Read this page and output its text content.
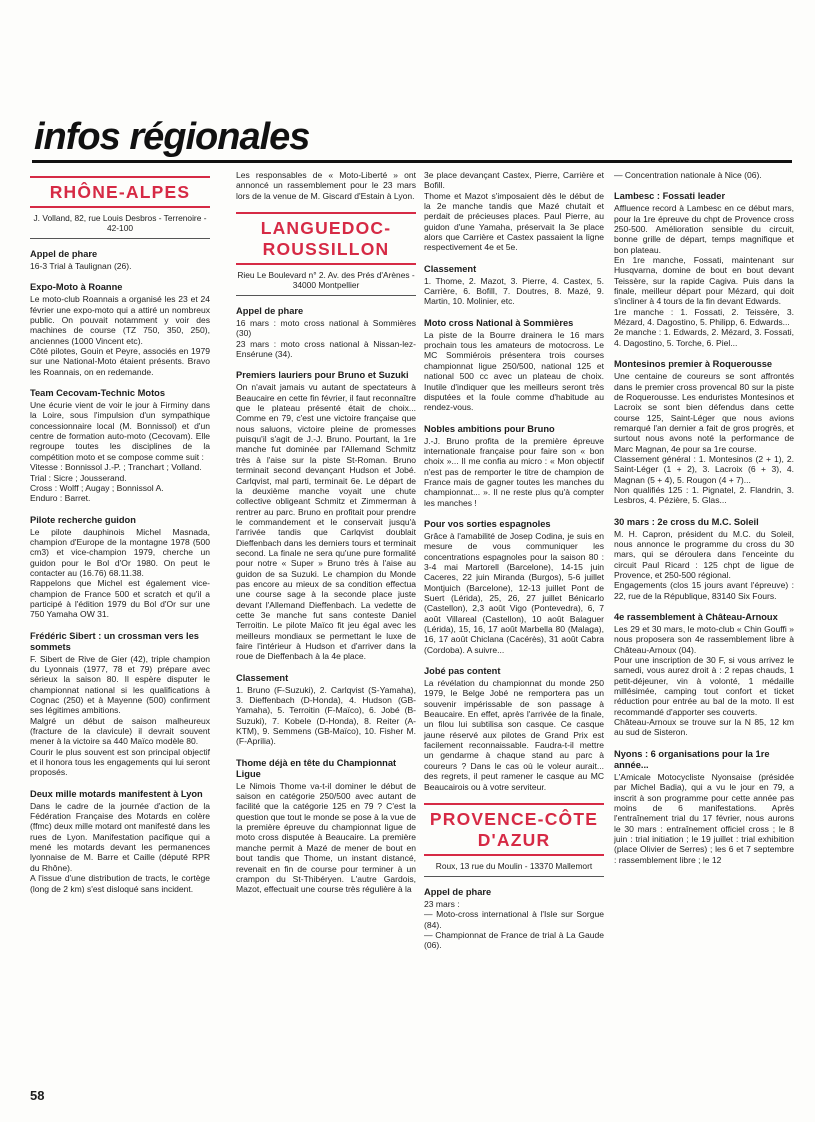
infos régionales
RHÔNE-ALPES
J. Volland, 82, rue Louis Desbros - Terrenoire - 42-100
Appel de phare

16-3 Trial à Taulignan (26).

Expo-Moto à Roanne

Le moto-club Roannais a organisé les 23 et 24 février une expo-moto qui a attiré un nombreux public. On pouvait notamment y voir des machines de course (TZ 750, 350, 250), anciennes (1000 Vincent etc).

Côté pilotes, Gouin et Peyre, associés en 1979 sur une National-Moto étaient présents. Bravo les Roannais, on en redemande.

Team Cecovam-Technic Motos

Une écurie vient de voir le jour à Firminy dans la Loire, sous l'impulsion d'un sympathique concessionnaire local (M. Bonnissol) et d'un centre de formation auto-moto (Cecovam). Elle regroupe toutes les disciplines de la compétition moto et se compose comme suit :

Vitesse : Bonnissol J.-P. ; Tranchart ; Volland.

Trial : Sicre ; Jousserand.

Cross : Wolff ; Augay ; Bonnissol A.

Enduro : Barret.

Pilote recherche guidon

Le pilote dauphinois Michel Masnada, champion d'Europe de la montagne 1978 (500 cm3) et vice-champion 1979, cherche un guidon pour le Bol d'Or 1980. On peut le contacter au (16.76) 68.11.38.

Rappelons que Michel est également vice-champion de France 500 et scratch et qu'il a participé à l'édition 1979 du Bol d'Or sur une 750 Yamaha OW 31.

Frédéric Sibert : un crossman vers les sommets

F. Sibert de Rive de Gier (42), triple champion du Lyonnais (1977, 78 et 79) prépare avec sérieux la saison 80. Il espère disputer le championnat national si les qualifications à Cognac (250) et à Mayenne (500) confirment ses légitimes ambitions.

Malgré un début de saison malheureux (fracture de la clavicule) il devrait souvent mener à la victoire sa 440 Maïco modèle 80.

Courir le plus souvent est son principal objectif et il honora tous les engagements qui lui seront proposés.

Deux mille motards manifestent à Lyon

Dans le cadre de la journée d'action de la Fédération Française des Motards en colère (ffmc) deux mille motard ont manifesté dans les rues de Lyon. Manifestation pacifique qui a mené les motards devant les permanences lyonnaise de M. Barre et Caille (député RPR du Rhône).

A l'issue d'une distribution de tracts, le cortège (long de 2 km) s'est disloqué sans incident.

Les responsables de « Moto-Liberté » ont annoncé un rassemblement pour le 23 mars lors de la venue de M. Giscard d'Estain à Lyon.

LANGUEDOC-ROUSSILLON
Rieu Le Boulevard n° 2. Av. des Prés d'Arènes - 34000 Montpellier
Appel de phare

16 mars : moto cross national à Sommières (30)

23 mars : moto cross national à Nissan-lez-Ensérune (34).

Premiers lauriers pour Bruno et Suzuki

On n'avait jamais vu autant de spectateurs à Beaucaire en cette fin février, il faut reconnaître que le plateau présenté était de choix... Comme en 79, c'est une victoire française que nous saluons, victoire pleine de promesses puisqu'il s'agit de J.-J. Bruno. Pourtant, la 1re manche fut dominée par l'Allemand Schmitz très à l'aise sur la piste St-Roman. Bruno terminait second devançant Hudson et Jobé. Carlqvist, mal parti, terminait 6e. Le départ de la deuxième manche voyait une chute collective obligeant Schmitz et Zimmerman à rentrer au parc. Bruno en profitait pour prendre le commandement et le conservait jusqu'à l'arrivée tandis que Carlqvist doublait Dieffenbach dans les derniers tours et terminait second. La finale ne sera qu'une pure formalité pour notre « Super » Bruno très à l'aise au guidon de sa Suzuki. Le champion du Monde pas encore au mieux de sa condition effectua une course sage à la seconde place juste devant l'Allemand Dieffenbach. La vedette de cette 3e manche fut sans conteste Daniel Terroitin. Le pilote Maïco fit jeu égal avec les meilleurs mondiaux se permettant le luxe de faire l'intérieur à Hudson et d'arriver dans la roue de Dieffenbach à la 4e place.

Classement

1. Bruno (F-Suzuki), 2. Carlqvist (S-Yamaha), 3. Dieffenbach (D-Honda), 4. Hudson (GB-Yamaha), 5. Terroitin (F-Maïco), 6. Jobé (B-Suzuki), 7. Kobele (D-Honda), 8. Reiter (A-KTM), 9. Semmens (GB-Maïco), 10. Fisher M. (F-Aprilia).

Thome déjà en tête du Championnat Ligue

Le Nimois Thome va-t-il dominer le début de saison en catégorie 250/500 avec autant de facilité que la catégorie 125 en 79 ? C'est la question que tout le monde se pose à la vue de la première épreuve du championnat ligue de moto cross disputée à Beaucaire. La première manche permit à Mazé de mener de bout en bout tandis que Thome, un instant distancé, revenait en fin de course pour terminer à un crampon du St-Thibéryen. L'autre Gardois, Mazot, effectuait une course très régulière à la

3e place devançant Castex, Pierre, Carrière et Bofill.

Thome et Mazot s'imposaient dès le début de la 2e manche tandis que Mazé chutait et perdait de précieuses places. Paul Pierre, au guidon d'une Yamaha, préservait la 3e place alors que Carrière et Castex passaient la ligne respectivement 4e et 5e.

Classement

1. Thome, 2. Mazot, 3. Pierre, 4. Castex, 5. Carrière, 6. Bofill, 7. Doutres, 8. Mazé, 9. Martin, 10. Molinier, etc.

Moto cross National à Sommières

La piste de la Bourre drainera le 16 mars prochain tous les amateurs de motocross. Le MC Sommiérois présentera trois courses championnat ligue 250/500, national 125 et national 500 cc avec un plateau de choix. Inutile d'indiquer que les meilleurs seront très disputées et la foule comme d'habitude au rendez-vous.

Nobles ambitions pour Bruno

J.-J. Bruno profita de la première épreuve internationale française pour faire son « bon choix »... Il me confia au micro : « Mon objectif n'est pas de remporter le titre de champion de France mais de gagner toutes les manches du championnat... ». Il ne reste plus qu'à compter les manches !

Pour vos sorties espagnoles

Grâce à l'amabilité de Josep Codina, je suis en mesure de vous communiquer les concentrations espagnoles pour la saison 80 : 3-4 mai Martorell (Barcelone), 14-15 juin Caceres, 22 juin Miranda (Burgos), 5-6 juillet Montjuich (Barcelone), 12-13 juillet Pont de Suert (Lérida), 25, 26, 27 juillet Bénicarlo (Castellon), 2,3 août Vigo (Pontevedra), 6, 7 août Villareal (Castellon), 10 août Balaguer (Lérida), 15, 16, 17 août Marbella 80 (Malaga), 16, 17 août Chiclana (Cacérès), 31 août Cabra (Cordoba). A suivre...

Jobé pas content

La révélation du championnat du monde 250 1979, le Belge Jobé ne remportera pas un souvenir impérissable de son passage à Beaucaire. En effet, après l'arrivée de la finale, un filou lui subtilisa son casque. Ce casque jaune réservé aux pilotes de Grand Prix est facilement reconnaissable. Faudra-t-il mettre un gendarme à chaque stand au parc à coureurs ? Dans le cas où le voleur aurait... des regrets, il peut ramener le casque au MC Beaucairois ou à votre serviteur.

PROVENCE-CÔTE D'AZUR
Roux, 13 rue du Moulin - 13370 Mallemort
Appel de phare

23 mars :

— Moto-cross international à l'Isle sur Sorgue (84).

— Championnat de France de trial à La Gaude (06).

— Concentration nationale à Nice (06).

Lambesc : Fossati leader

Affluence record à Lambesc en ce début mars, pour la 1re épreuve du chpt de Provence cross 250-500. Amélioration sensible du circuit, bonne grille de départ, temps magnifique et bon plateau.

En 1re manche, Fossati, maintenant sur Husqvarna, domine de bout en bout devant Teissère, sur la rapide Cagiva. Puis dans la finale, meilleur départ pour Mézard, qui doit s'incliner à 4 tours de la fin devant Edwards.

1re manche : 1. Fossati, 2. Teissère, 3. Mézard, 4. Dagostino, 5. Philipp, 6. Edwards...

2e manche : 1. Edwards, 2. Mézard, 3. Fossati, 4. Dagostino, 5. Torche, 6. Piel...

Montesinos premier à Roquerousse

Une centaine de coureurs se sont affrontés dans le premier cross provencal 80 sur la piste de Roquerousse. Les enduristes Montesinos et Lacroix se sont bien défendus dans cette course 125, Saint-Léger que nous avions remarqué l'an dernier a fait de gros progrès, et surtout nous avons noté la performance de Marc Magnan, 4e pour sa 1re course.

Classement général : 1. Montesinos (2 + 1), 2. Saint-Léger (1 + 2), 3. Lacroix (6 + 3), 4. Magnan (5 + 4), 5. Rougon (4 + 7)...

Non qualifiés 125 : 1. Pignatel, 2. Flandrin, 3. Lesbros, 4. Pézière, 5. Glas...

30 mars : 2e cross du M.C. Soleil

M. H. Capron, président du M.C. du Soleil, nous annonce le programme du cross du 30 mars, qui se déroulera dans l'enceinte du circuit Paul Ricard : 125 chpt de ligue de Provence, et 250-500 régional.

Engagements (clos 15 jours avant l'épreuve) : 22, rue de la République, 83140 Six Fours.

4e rassemblement à Château-Arnoux

Les 29 et 30 mars, le moto-club « Chin Gouffi » nous proposera son 4e rassemblement libre à Château-Arnoux (04).

Pour une inscription de 30 F, si vous arrivez le samedi, vous aurez droit à : 2 repas chauds, 1 petit-déjeuner, vin à volonté, 1 médaille millésimée, camping tout confort et ticket réduction pour entrée au bal de la moto. Il est recommandé d'apporter ses couverts.

Château-Arnoux se trouve sur la N 85, 12 km au sud de Sisteron.

Nyons : 6 organisations pour la 1re année...

L'Amicale Motocycliste Nyonsaise (présidée par Michel Badia), qui a vu le jour en 79, a inscrit à son programme pour cette année pas moins de 6 manifestations. Après l'entraînement trial du 17 février, nous aurons le 30 mars : entraînement officiel cross ; le 8 juin : trial initiation ; le 19 juillet : trial exhibition (place Olivier de Serres) ; les 6 et 7 septembre : rassemblement libre ; le 12

58
